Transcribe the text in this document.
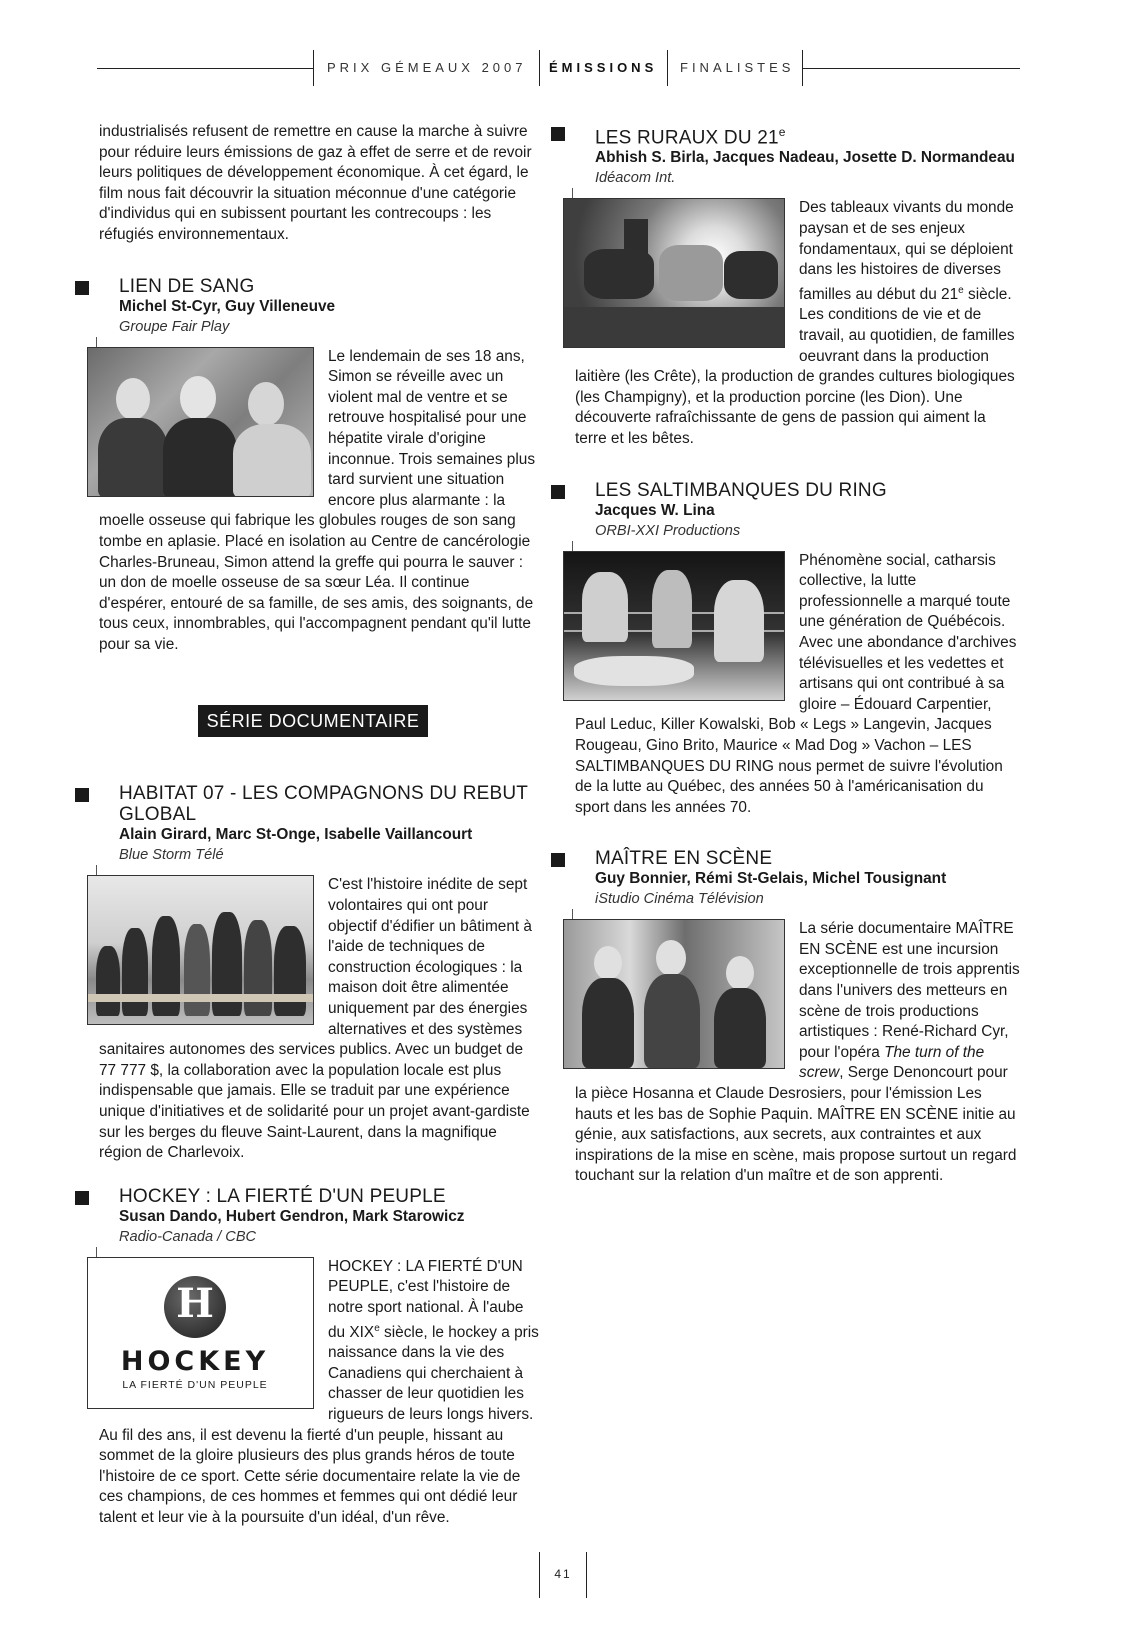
PRIX GÉMEAUX 2007 ÉMISSIONS FINALISTES

industrialisés refusent de remettre en cause la marche à suivre pour réduire leurs émissions de gaz à effet de serre et de revoir leurs politiques de développement économique. À cet égard, le film nous fait découvrir la situation méconnue d'une catégorie d'individus qui en subissent pourtant les contrecoups : les réfugiés environnementaux.

LIEN DE SANG

Michel St-Cyr, Guy Villeneuve

Groupe Fair Play

Le lendemain de ses 18 ans, Simon se réveille avec un violent mal de ventre et se retrouve hospitalisé pour une hépatite virale d'origine inconnue. Trois semaines plus tard survient une situation encore plus alarmante : la moelle osseuse qui fabrique les globules rouges de son sang tombe en aplasie. Placé en isolation au Centre de cancérologie Charles-Bruneau, Simon attend la greffe qui pourra le sauver : un don de moelle osseuse de sa sœur Léa. Il continue d'espérer, entouré de sa famille, de ses amis, des soignants, de tous ceux, innombrables, qui l'accompagnent pendant qu'il lutte pour sa vie.

HABITAT 07 - LES COMPAGNONS DU REBUT GLOBAL

Alain Girard, Marc St-Onge, Isabelle Vaillancourt

Blue Storm Télé

C'est l'histoire inédite de sept volontaires qui ont pour objectif d'édifier un bâtiment à l'aide de techniques de construction écologiques : la maison doit être alimentée uniquement par des énergies alternatives et des systèmes sanitaires autonomes des services publics. Avec un budget de 77 777 $, la collaboration avec la population locale est plus indispensable que jamais. Elle se traduit par une expérience unique d'initiatives et de solidarité pour un projet avant-gardiste sur les berges du fleuve Saint-Laurent, dans la magnifique région de Charlevoix.

HOCKEY : LA FIERTÉ D'UN PEUPLE

Susan Dando, Hubert Gendron, Mark Starowicz

Radio-Canada / CBC

H
HOCKEY
LA FIERTÉ D'UN PEUPLE

HOCKEY : LA FIERTÉ D'UN PEUPLE, c'est l'histoire de notre sport national. À l'aube du XIXe siècle, le hockey a pris naissance dans la vie des Canadiens qui cherchaient à chasser de leur quotidien les rigueurs de leurs longs hivers. Au fil des ans, il est devenu la fierté d'un peuple, hissant au sommet de la gloire plusieurs des plus grands héros de toute l'histoire de ce sport. Cette série documentaire relate la vie de ces champions, de ces hommes et femmes qui ont dédié leur talent et leur vie à la poursuite d'un idéal, d'un rêve.

SÉRIE DOCUMENTAIRE

LES RURAUX DU 21e

Abhish S. Birla, Jacques Nadeau, Josette D. Normandeau

Idéacom Int.

Des tableaux vivants du monde paysan et de ses enjeux fondamentaux, qui se déploient dans les histoires de diverses familles au début du 21e siècle. Les conditions de vie et de travail, au quotidien, de familles oeuvrant dans la production laitière (les Crête), la production de grandes cultures biologiques (les Champigny), et la production porcine (les Dion). Une découverte rafraîchissante de gens de passion qui aiment la terre et les bêtes.

LES SALTIMBANQUES DU RING

Jacques W. Lina

ORBI-XXI Productions

Phénomène social, catharsis collective, la lutte professionnelle a marqué toute une génération de Québécois. Avec une abondance d'archives télévisuelles et les vedettes et artisans qui ont contribué à sa gloire – Édouard Carpentier, Paul Leduc, Killer Kowalski, Bob « Legs » Langevin, Jacques Rougeau, Gino Brito, Maurice « Mad Dog » Vachon – LES SALTIMBANQUES DU RING nous permet de suivre l'évolution de la lutte au Québec, des années 50 à l'américanisation du sport dans les années 70.

MAÎTRE EN SCÈNE

Guy Bonnier, Rémi St-Gelais, Michel Tousignant

iStudio Cinéma Télévision

La série documentaire MAÎTRE EN SCÈNE est une incursion exceptionnelle de trois apprentis dans l'univers des metteurs en scène de trois productions artistiques : René-Richard Cyr, pour l'opéra The turn of the screw, Serge Denoncourt pour la pièce Hosanna et Claude Desrosiers, pour l'émission Les hauts et les bas de Sophie Paquin. MAÎTRE EN SCÈNE initie au génie, aux satisfactions, aux secrets, aux contraintes et aux inspirations de la mise en scène, mais propose surtout un regard touchant sur la relation d'un maître et de son apprenti.

41
